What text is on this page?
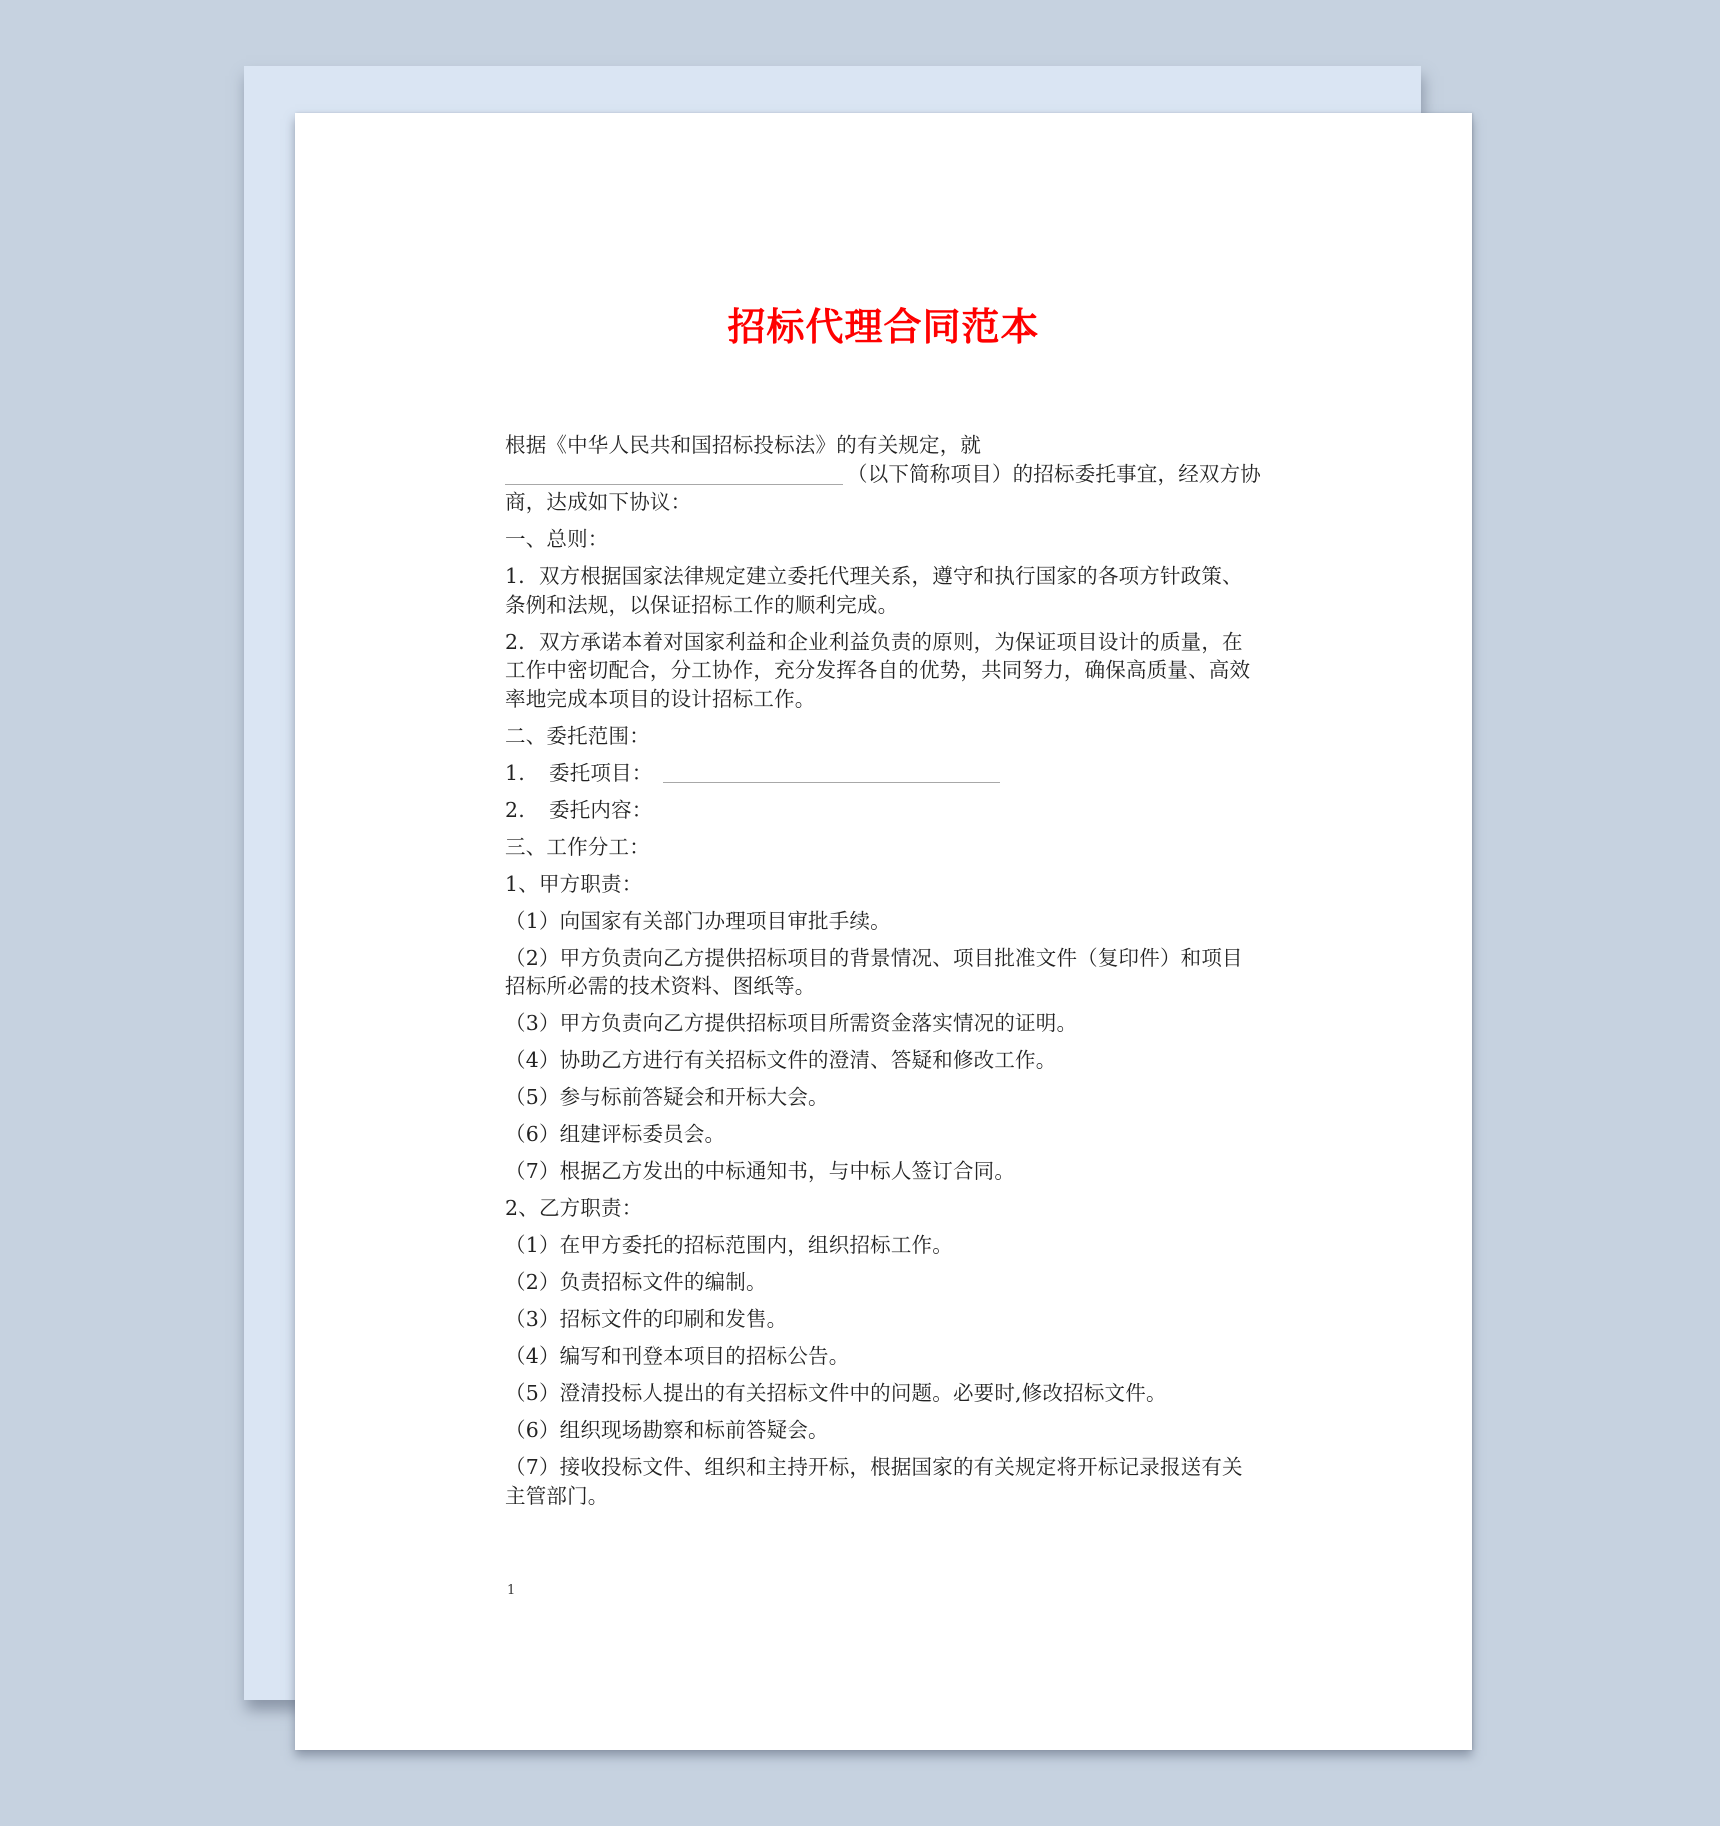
招标代理合同范本

根据《中华人民共和国招标投标法》的有关规定，就
（以下简称项目）的招标委托事宜，经双方协商，达成如下协议：

一、总则：

1．双方根据国家法律规定建立委托代理关系，遵守和执行国家的各项方针政策、条例和法规，以保证招标工作的顺利完成。

2．双方承诺本着对国家利益和企业利益负责的原则，为保证项目设计的质量，在工作中密切配合，分工协作，充分发挥各自的优势，共同努力，确保高质量、高效率地完成本项目的设计招标工作。

二、委托范围：

1. 委托项目：

2. 委托内容：

三、工作分工：

1、甲方职责：

（1）向国家有关部门办理项目审批手续。

（2）甲方负责向乙方提供招标项目的背景情况、项目批准文件（复印件）和项目招标所必需的技术资料、图纸等。

（3）甲方负责向乙方提供招标项目所需资金落实情况的证明。

（4）协助乙方进行有关招标文件的澄清、答疑和修改工作。

（5）参与标前答疑会和开标大会。

（6）组建评标委员会。

（7）根据乙方发出的中标通知书，与中标人签订合同。

2、乙方职责：

（1）在甲方委托的招标范围内，组织招标工作。

（2）负责招标文件的编制。

（3）招标文件的印刷和发售。

（4）编写和刊登本项目的招标公告。

（5）澄清投标人提出的有关招标文件中的问题。必要时,修改招标文件。

（6）组织现场勘察和标前答疑会。

（7）接收投标文件、组织和主持开标，根据国家的有关规定将开标记录报送有关主管部门。

1
